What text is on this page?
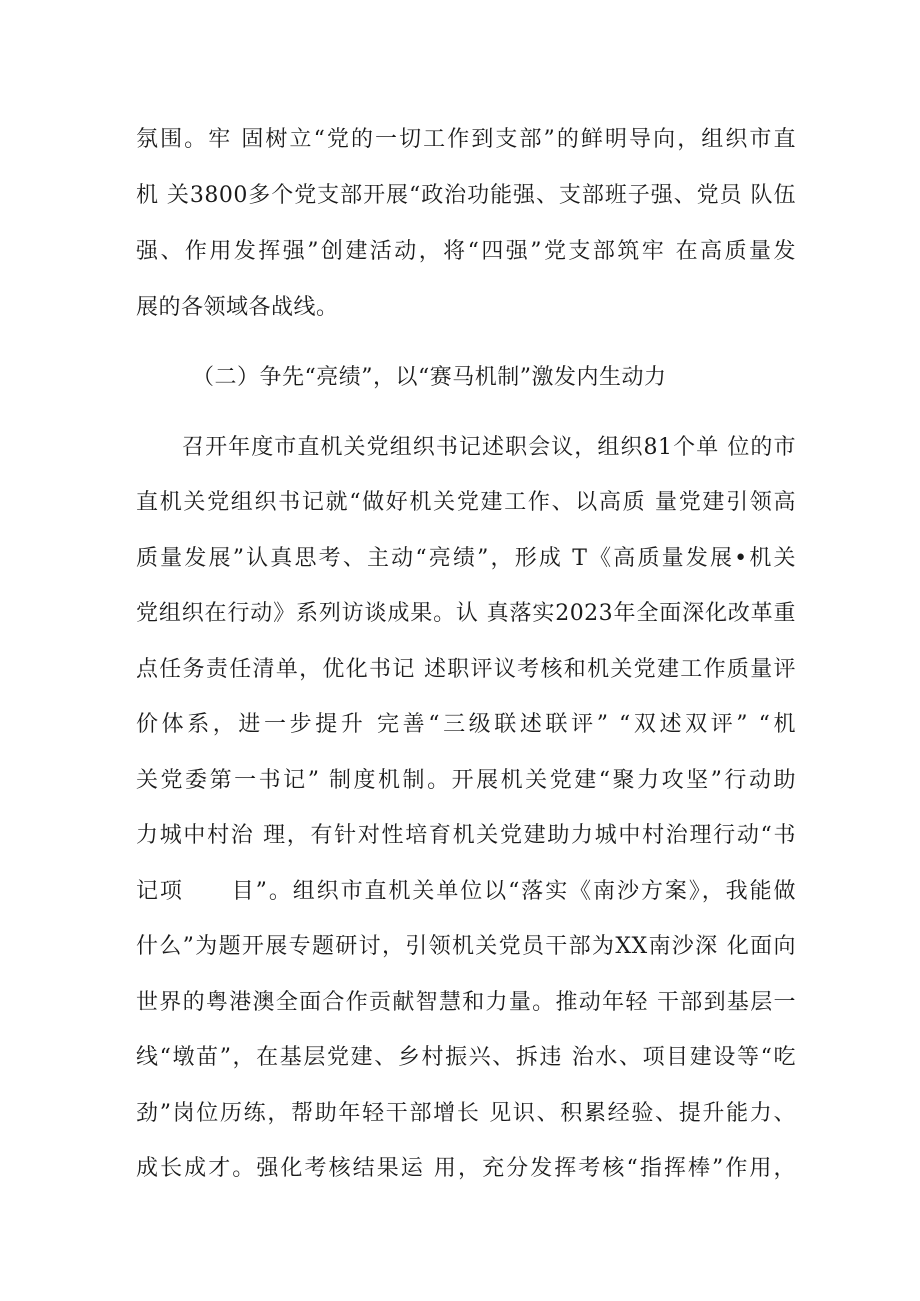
氛围。牢 固树立“党的一切工作到支部”的鲜明导向，组织市直
机 关3800多个党支部开展“政治功能强、支部班子强、党员 队伍
强、作用发挥强”创建活动，将“四强”党支部筑牢 在高质量发
展的各领域各战线。
（二）争先“亮绩”，以“赛马机制”激发内生动力
召开年度市直机关党组织书记述职会议，组织81个单 位的市
直机关党组织书记就“做好机关党建工作、以高质 量党建引领高
质量发展”认真思考、主动“亮绩”，形成 T《高质量发展•机关
党组织在行动》系列访谈成果。认 真落实2023年全面深化改革重
点任务责任清单，优化书记 述职评议考核和机关党建工作质量评
价体系，进一步提升 完善“三级联述联评” “双述双评” “机
关党委第一书记” 制度机制。开展机关党建“聚力攻坚”行动助
力城中村治 理，有针对性培育机关党建助力城中村治理行动“书
记项　　目”。组织市直机关单位以“落实《南沙方案》，我能做
什么”为题开展专题研讨，引领机关党员干部为XX南沙深 化面向
世界的粤港澳全面合作贡献智慧和力量。推动年轻 干部到基层一
线“墩苗”，在基层党建、乡村振兴、拆违 治水、项目建设等“吃
劲”岗位历练，帮助年轻干部增长 见识、积累经验、提升能力、
成长成才。强化考核结果运 用，充分发挥考核“指挥棒”作用，
